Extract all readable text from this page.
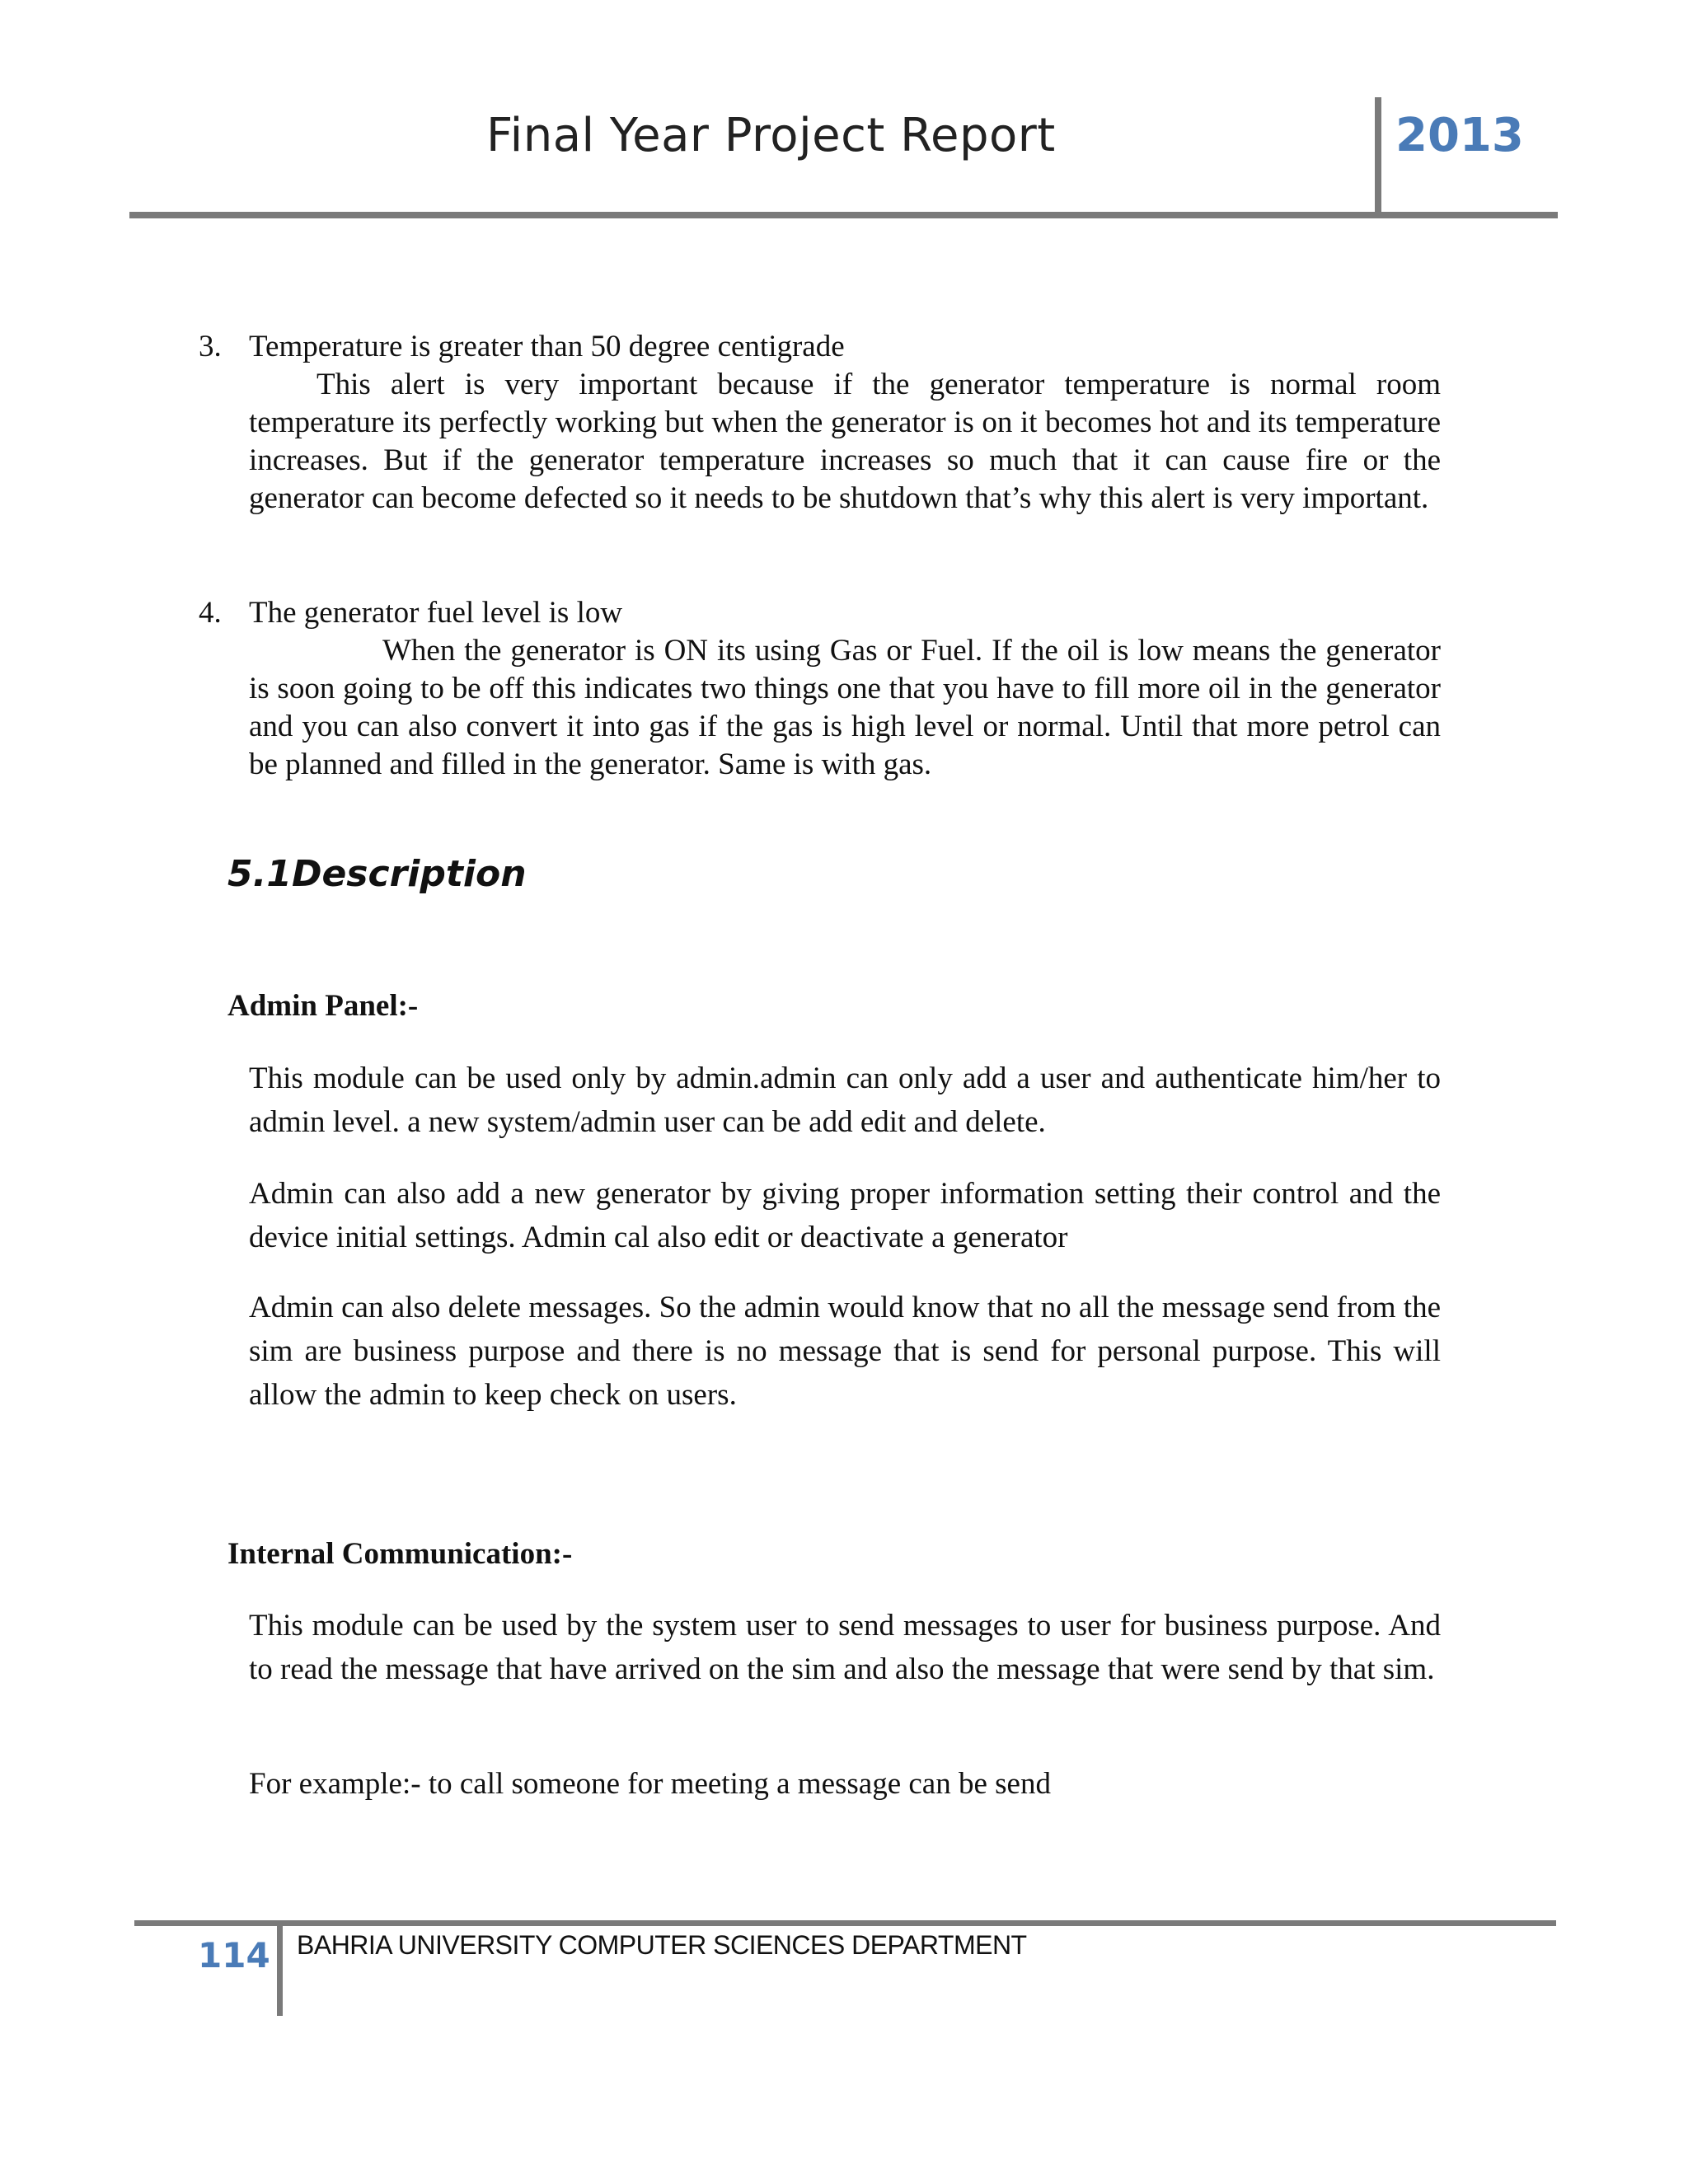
Final Year Project Report	2013
3. Temperature is greater than 50 degree centigrade
This alert is very important because if the generator temperature is normal room temperature its perfectly working but when the generator is on it becomes hot and its temperature increases. But if the generator temperature increases so much that it can cause fire or the generator can become defected so it needs to be shutdown that’s why this alert is very important.
4. The generator fuel level is low
When the generator is ON its using Gas or Fuel. If the oil is low means the generator is soon going to be off this indicates two things one that you have to fill more oil in the generator and you can also convert it into gas if the gas is high level or normal. Until that more petrol can be planned and filled in the generator. Same is with gas.
5.1Description
Admin Panel:-
This module can be used only by admin.admin can only add a user and authenticate him/her to admin level. a new system/admin user can be add edit and delete.
Admin can also add a new generator by giving proper information setting their control and the device initial settings. Admin cal also edit or deactivate a generator
Admin can also delete messages. So the admin would know that no all the message send from the sim are business purpose and there is no message that is send for personal purpose. This will allow the admin to keep check on users.
Internal Communication:-
This module can be used by the system user to send messages to user for business purpose. And to read the message that have arrived on the sim and also the message that were send by that sim.
For example:- to call someone for meeting a message can be send
114 BAHRIA UNIVERSITY COMPUTER SCIENCES DEPARTMENT
